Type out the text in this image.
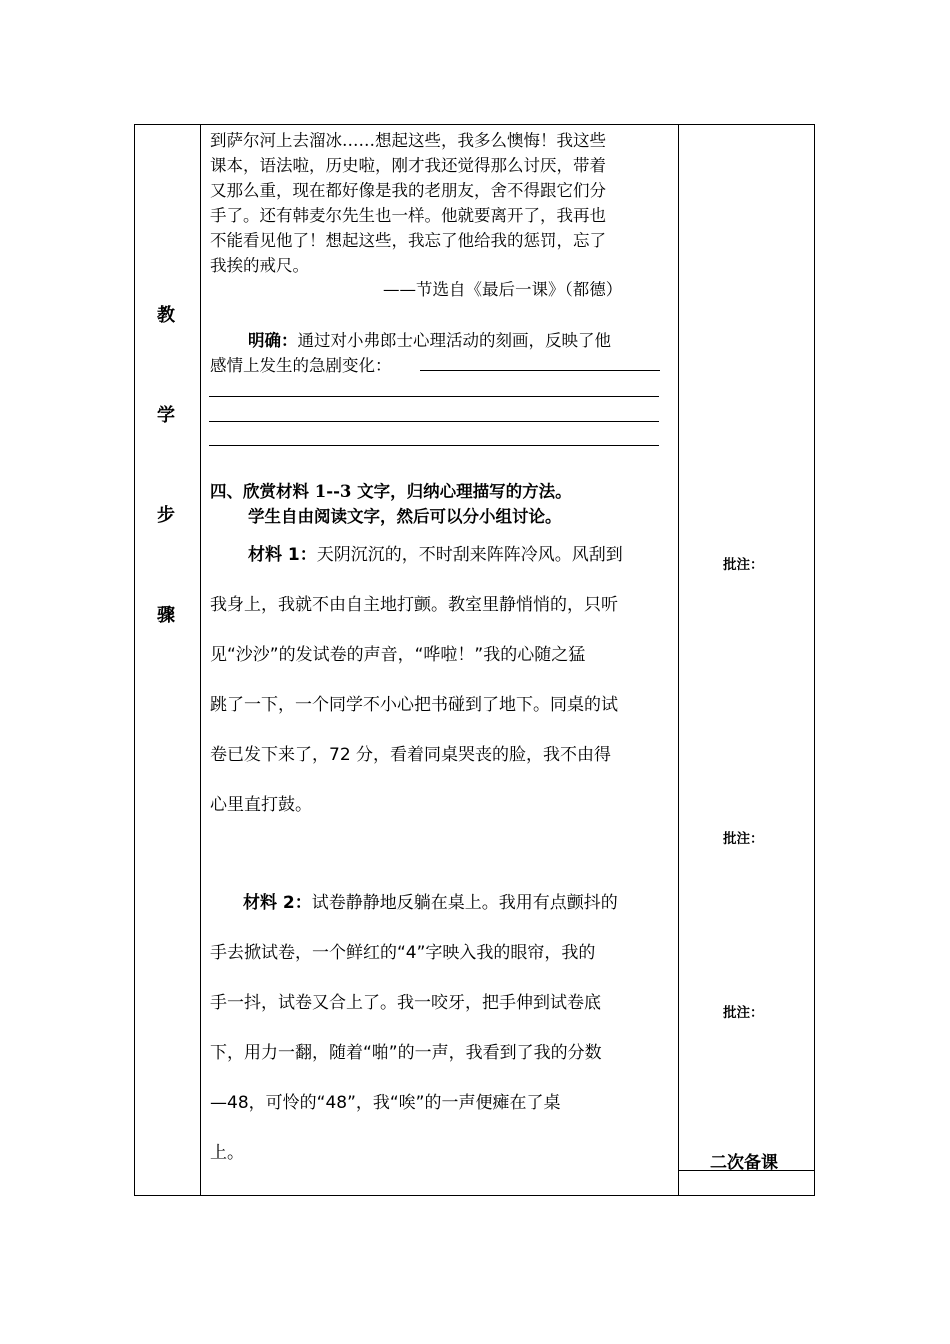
教
学
步
骤
到萨尔河上去溜冰……想起这些，我多么懊悔！我这些
课本，语法啦，历史啦，刚才我还觉得那么讨厌，带着
又那么重，现在都好像是我的老朋友，舍不得跟它们分
手了。还有韩麦尔先生也一样。他就要离开了，我再也
不能看见他了！想起这些，我忘了他给我的惩罚，忘了
我挨的戒尺。
——节选自《最后一课》（都德）
明确：通过对小弗郎士心理活动的刻画，反映了他
感情上发生的急剧变化：
四、欣赏材料 1--3 文字，归纳心理描写的方法。
学生自由阅读文字，然后可以分小组讨论。
材料 1：天阴沉沉的，不时刮来阵阵冷风。风刮到
我身上，我就不由自主地打颤。教室里静悄悄的，只听
见“沙沙”的发试卷的声音，“哗啦！”我的心随之猛
跳了一下，一个同学不小心把书碰到了地下。同桌的试
卷已发下来了，72 分，看着同桌哭丧的脸，我不由得
心里直打鼓。
材料 2：试卷静静地反躺在桌上。我用有点颤抖的
手去掀试卷，一个鲜红的“4”字映入我的眼帘，我的
手一抖，试卷又合上了。我一咬牙，把手伸到试卷底
下，用力一翻，随着“啪”的一声，我看到了我的分数
—48，可怜的“48”，我“唉”的一声便瘫在了桌
上。
批注：
批注：
批注：
二次备课
